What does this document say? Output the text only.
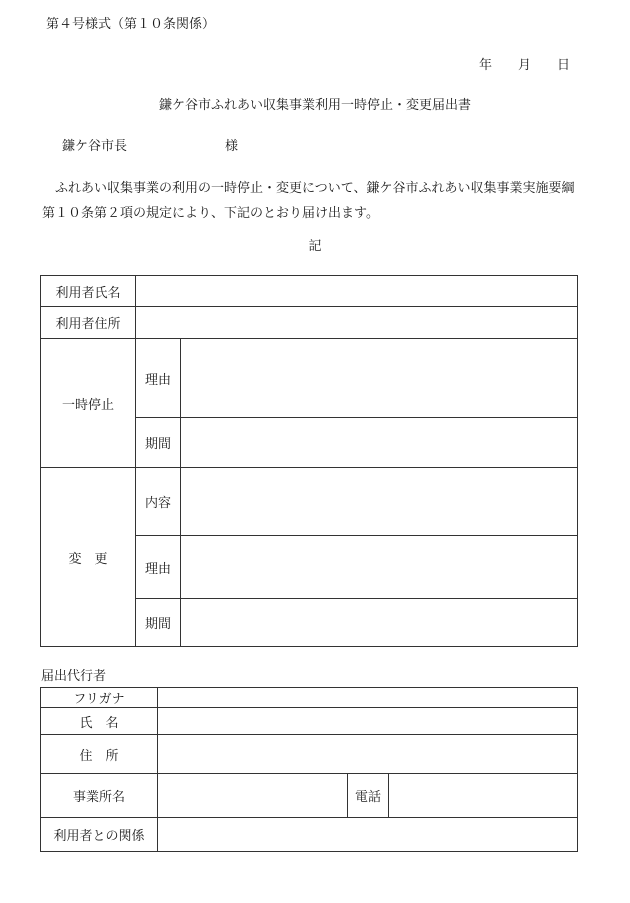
第４号様式（第１０条関係）
年 月 日
鎌ケ谷市ふれあい収集事業利用一時停止・変更届出書
鎌ケ谷市長	様
ふれあい収集事業の利用の一時停止・変更について、鎌ケ谷市ふれあい収集事業実施要綱第１０条第２項の規定により、下記のとおり届け出ます。
記
利用者氏名		
利用者住所		
一時停止	理由	
	期間	
変　更	内容	
	理由	
	期間	
届出代行者
フリガナ			
氏　名			
住　所			
事業所名		電話	
利用者との関係			
